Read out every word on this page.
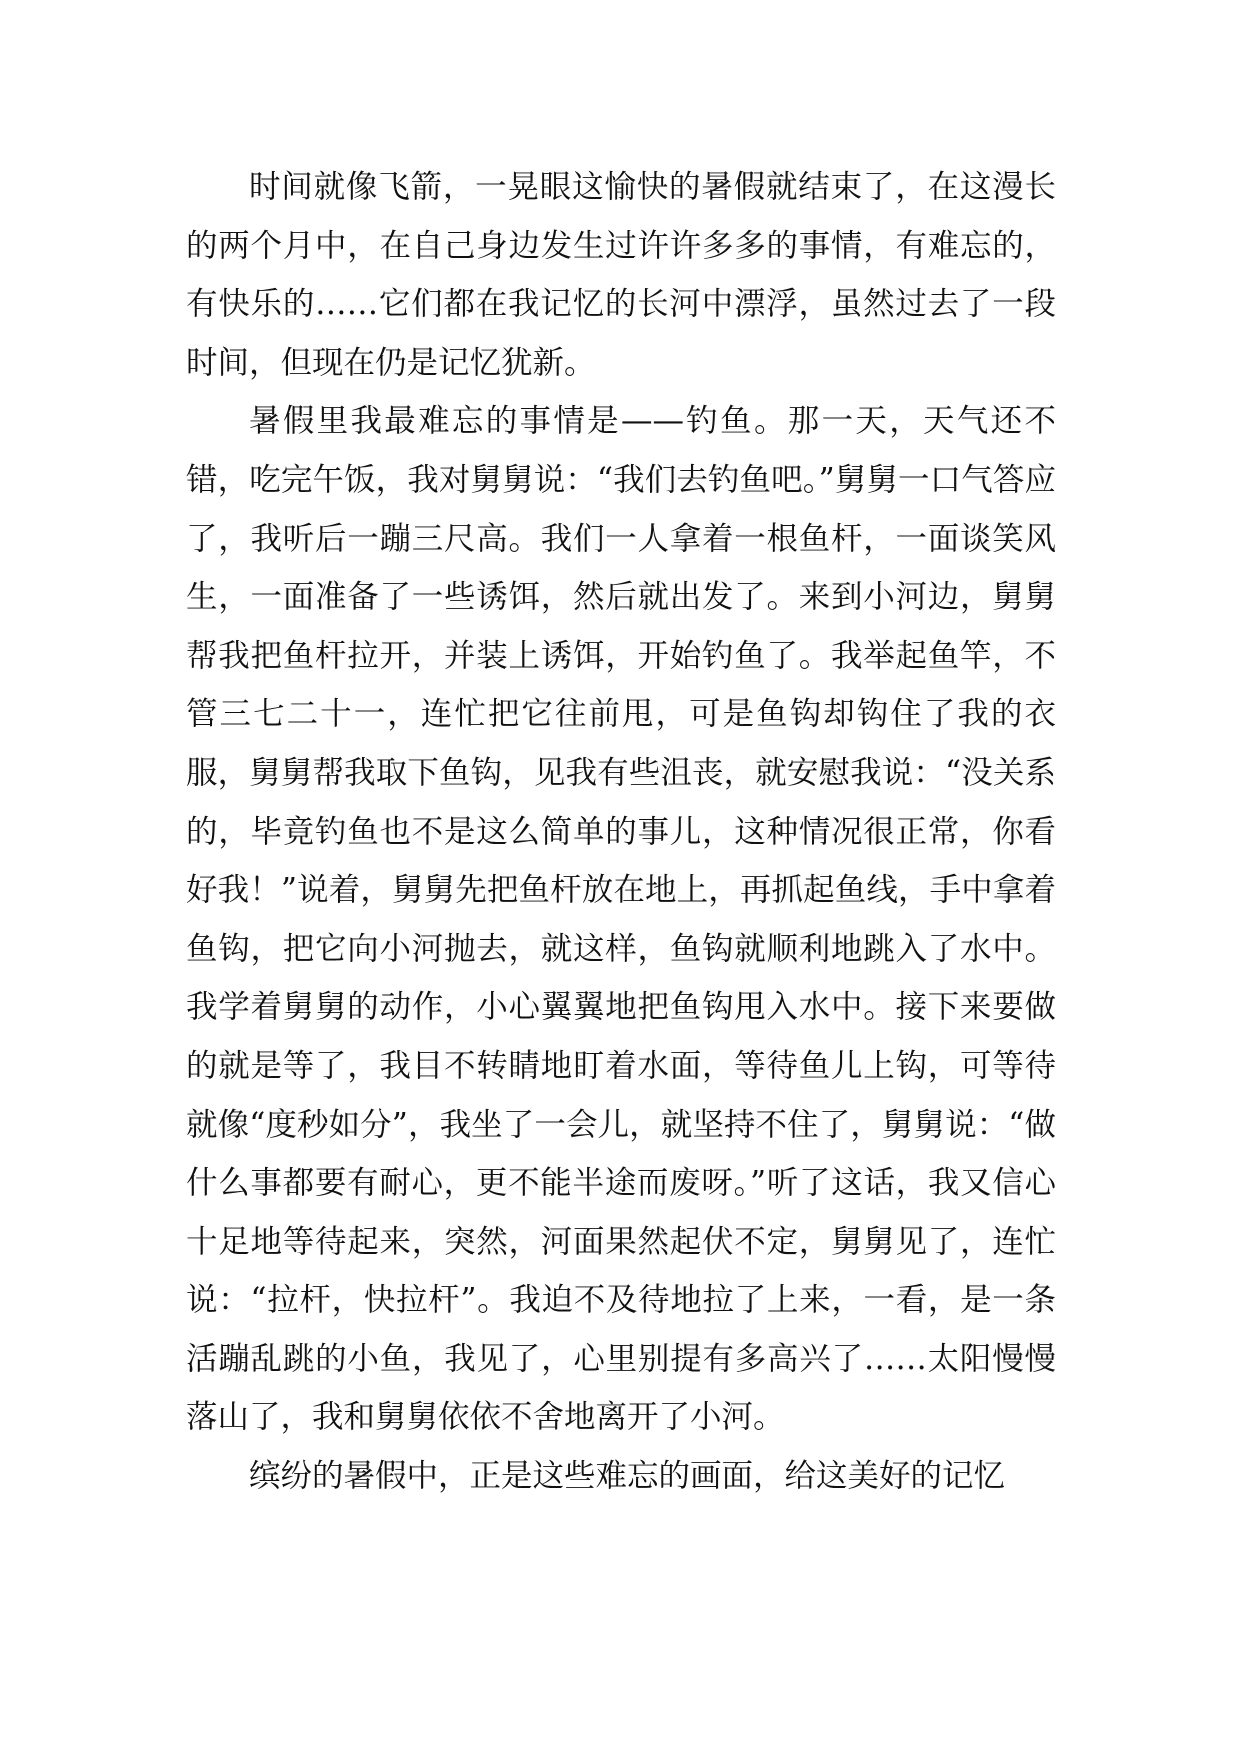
时间就像飞箭，一晃眼这愉快的暑假就结束了，在这漫长的两个月中，在自己身边发生过许许多多的事情，有难忘的，有快乐的……它们都在我记忆的长河中漂浮，虽然过去了一段时间，但现在仍是记忆犹新。

暑假里我最难忘的事情是——钓鱼。那一天，天气还不错，吃完午饭，我对舅舅说：“我们去钓鱼吧。”舅舅一口气答应了，我听后一蹦三尺高。我们一人拿着一根鱼杆，一面谈笑风生，一面准备了一些诱饵，然后就出发了。来到小河边，舅舅帮我把鱼杆拉开，并装上诱饵，开始钓鱼了。我举起鱼竿，不管三七二十一，连忙把它往前甩，可是鱼钩却钩住了我的衣服，舅舅帮我取下鱼钩，见我有些沮丧，就安慰我说：“没关系的，毕竟钓鱼也不是这么简单的事儿，这种情况很正常，你看好我！”说着，舅舅先把鱼杆放在地上，再抓起鱼线，手中拿着鱼钩，把它向小河抛去，就这样，鱼钩就顺利地跳入了水中。我学着舅舅的动作，小心翼翼地把鱼钩甩入水中。接下来要做的就是等了，我目不转睛地盯着水面，等待鱼儿上钩，可等待就像“度秒如分”，我坐了一会儿，就坚持不住了，舅舅说：“做什么事都要有耐心，更不能半途而废呀。”听了这话，我又信心十足地等待起来，突然，河面果然起伏不定，舅舅见了，连忙说：“拉杆，快拉杆”。我迫不及待地拉了上来，一看，是一条活蹦乱跳的小鱼，我见了，心里别提有多高兴了……太阳慢慢落山了，我和舅舅依依不舍地离开了小河。

缤纷的暑假中，正是这些难忘的画面，给这美好的记忆
